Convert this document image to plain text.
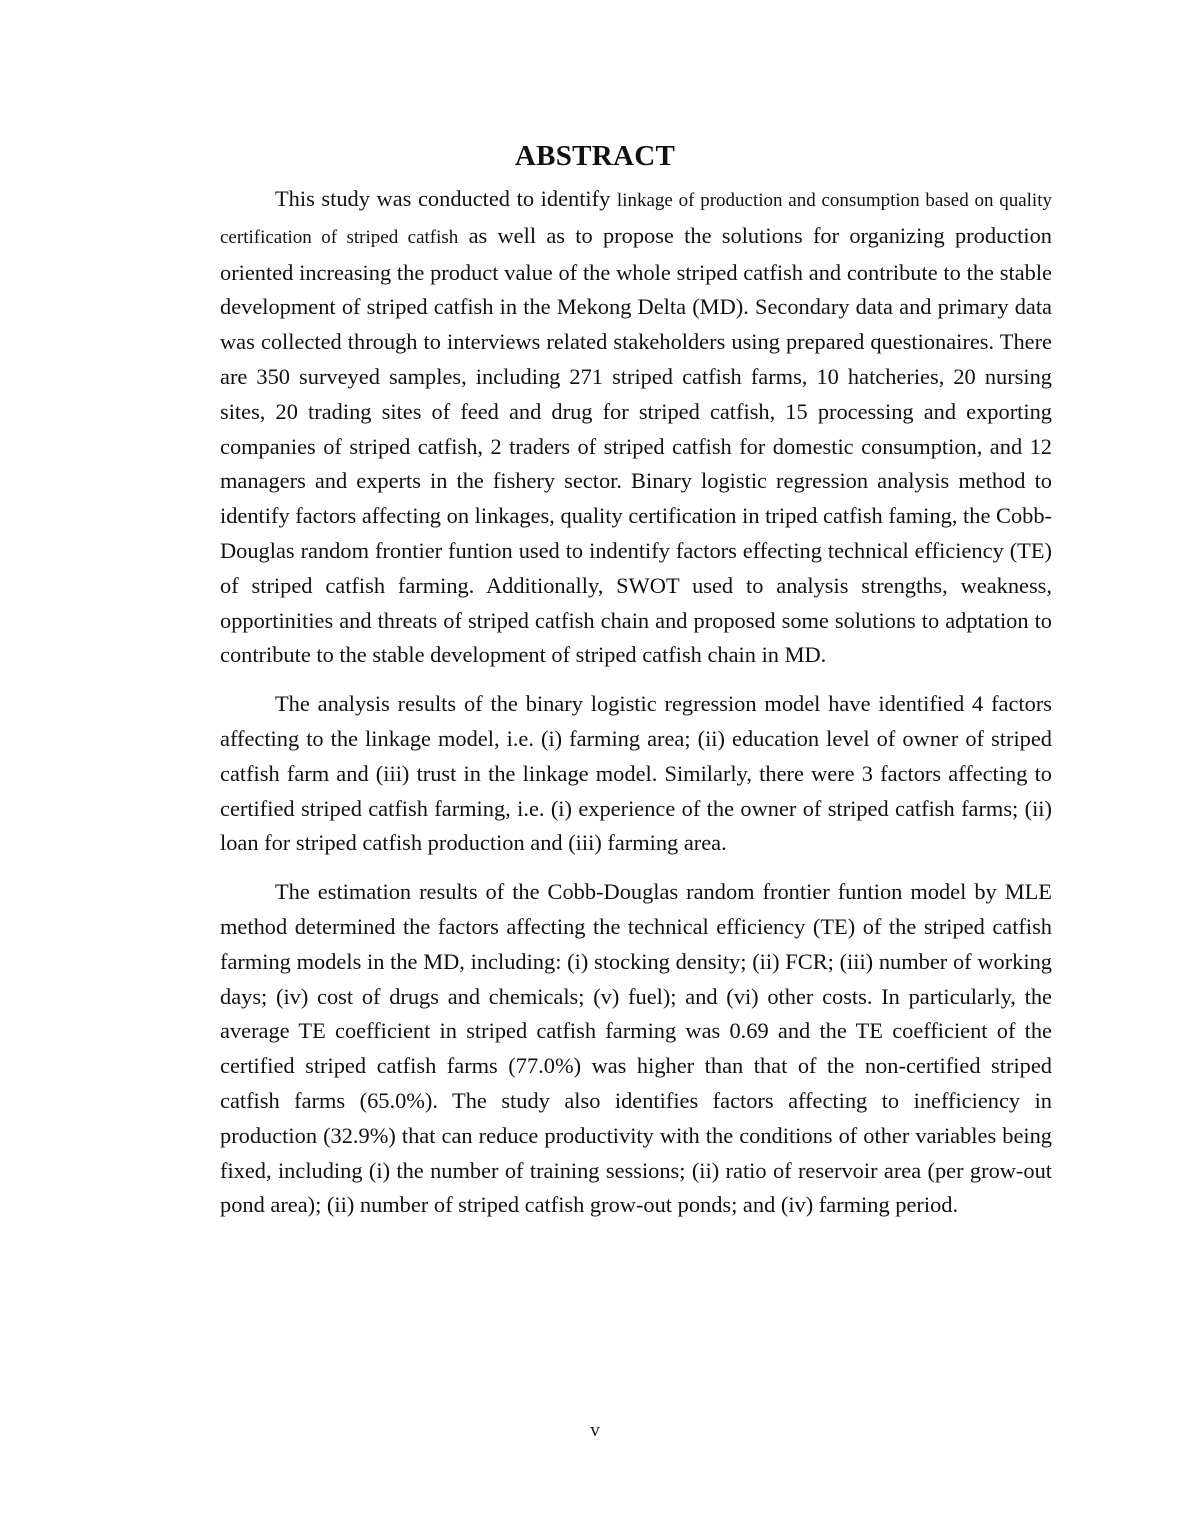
ABSTRACT

This study was conducted to identify linkage of production and consumption based on quality certification of striped catfish as well as to propose the solutions for organizing production oriented increasing the product value of the whole striped catfish and contribute to the stable development of striped catfish in the Mekong Delta (MD). Secondary data and primary data was collected through to interviews related stakeholders using prepared questionaires. There are 350 surveyed samples, including 271 striped catfish farms, 10 hatcheries, 20 nursing sites, 20 trading sites of feed and drug for striped catfish, 15 processing and exporting companies of striped catfish, 2 traders of striped catfish for domestic consumption, and 12 managers and experts in the fishery sector. Binary logistic regression analysis method to identify factors affecting on linkages, quality certification in triped catfish faming, the Cobb-Douglas random frontier funtion used to indentify factors effecting technical efficiency (TE) of striped catfish farming. Additionally, SWOT used to analysis strengths, weakness, opportinities and threats of striped catfish chain and proposed some solutions to adptation to contribute to the stable development of striped catfish chain in MD.

The analysis results of the binary logistic regression model have identified 4 factors affecting to the linkage model, i.e. (i) farming area; (ii) education level of owner of striped catfish farm and (iii) trust in the linkage model. Similarly, there were 3 factors affecting to certified striped catfish farming, i.e. (i) experience of the owner of striped catfish farms; (ii) loan for striped catfish production and (iii) farming area.

The estimation results of the Cobb-Douglas random frontier funtion model by MLE method determined the factors affecting the technical efficiency (TE) of the striped catfish farming models in the MD, including: (i) stocking density; (ii) FCR; (iii) number of working days; (iv) cost of drugs and chemicals; (v) fuel); and (vi) other costs. In particularly, the average TE coefficient in striped catfish farming was 0.69 and the TE coefficient of the certified striped catfish farms (77.0%) was higher than that of the non-certified striped catfish farms (65.0%). The study also identifies factors affecting to inefficiency in production (32.9%) that can reduce productivity with the conditions of other variables being fixed, including (i) the number of training sessions; (ii) ratio of reservoir area (per grow-out pond area); (ii) number of striped catfish grow-out ponds; and (iv) farming period.

v
